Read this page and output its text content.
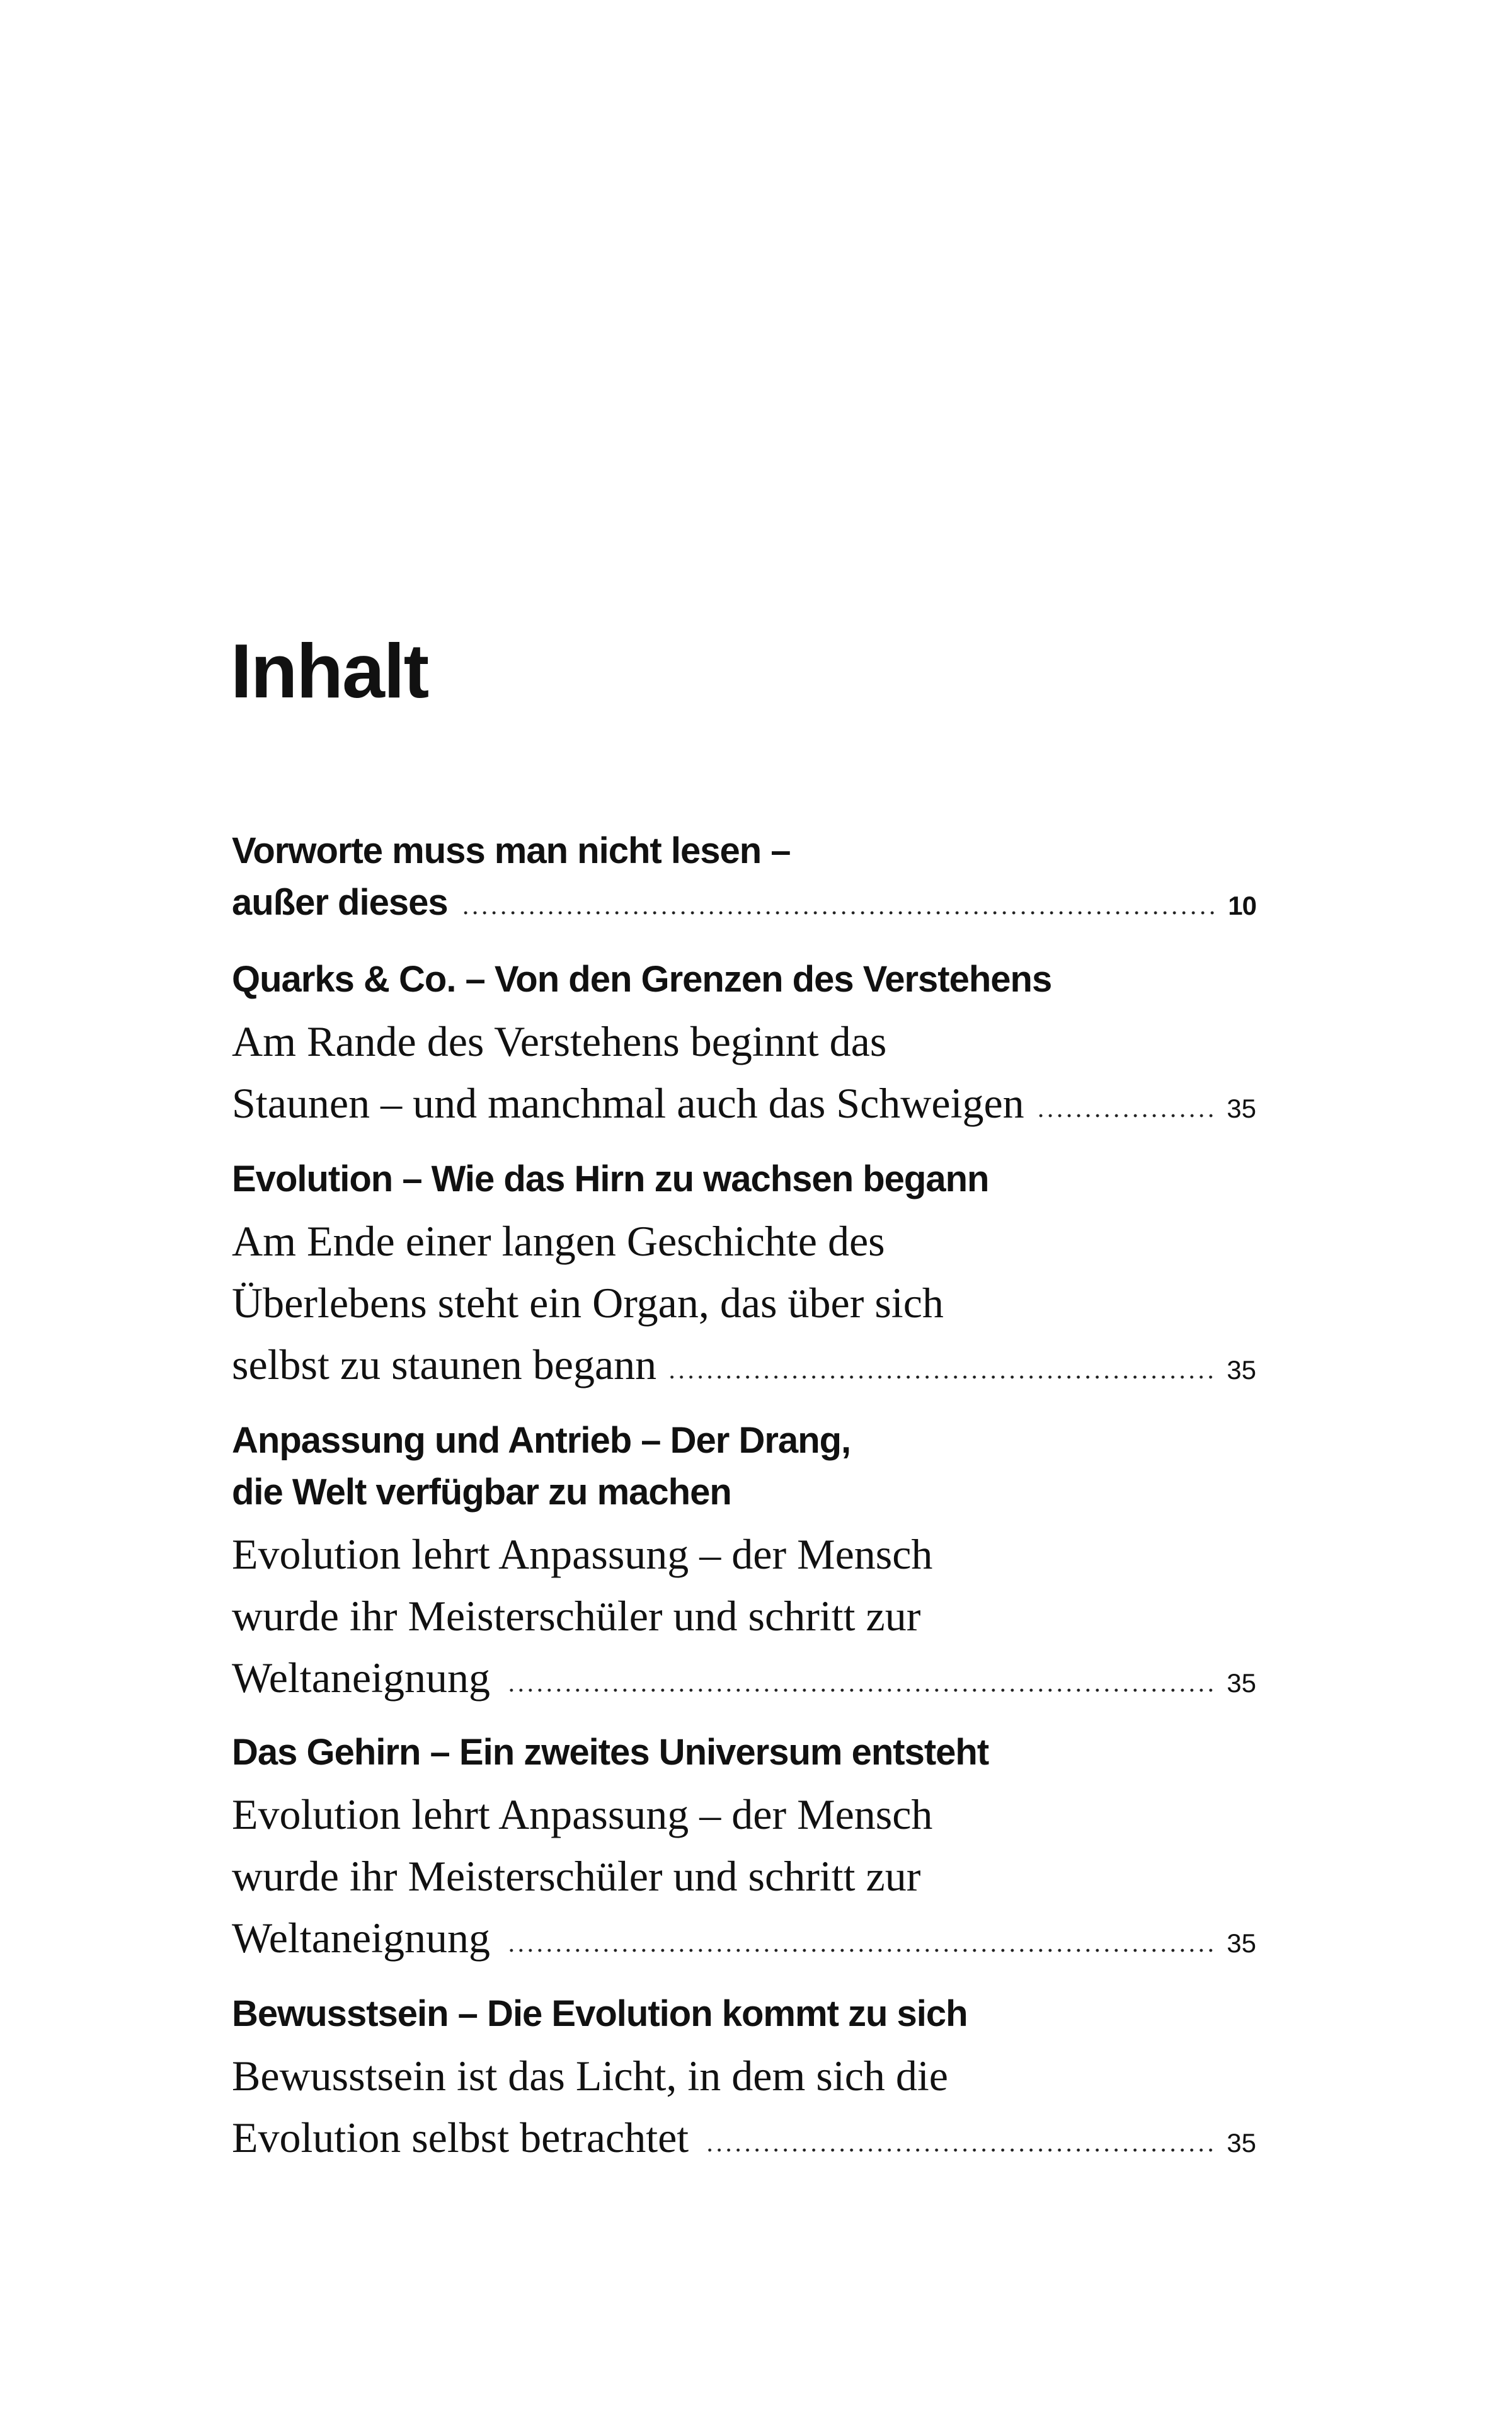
Inhalt
Vorworte muss man nicht lesen –
außer dieses	10
Quarks & Co. – Von den Grenzen des Verstehens
Am Rande des Verstehens beginnt das
Staunen – und manchmal auch das Schweigen	35
Evolution – Wie das Hirn zu wachsen begann
Am Ende einer langen Geschichte des
Überlebens steht ein Organ, das über sich
selbst zu staunen begann	35
Anpassung und Antrieb – Der Drang,
die Welt verfügbar zu machen
Evolution lehrt Anpassung – der Mensch
wurde ihr Meisterschüler und schritt zur
Weltaneignung	35
Das Gehirn – Ein zweites Universum entsteht
Evolution lehrt Anpassung – der Mensch
wurde ihr Meisterschüler und schritt zur
Weltaneignung	35
Bewusstsein – Die Evolution kommt zu sich
Bewusstsein ist das Licht, in dem sich die
Evolution selbst betrachtet	35
